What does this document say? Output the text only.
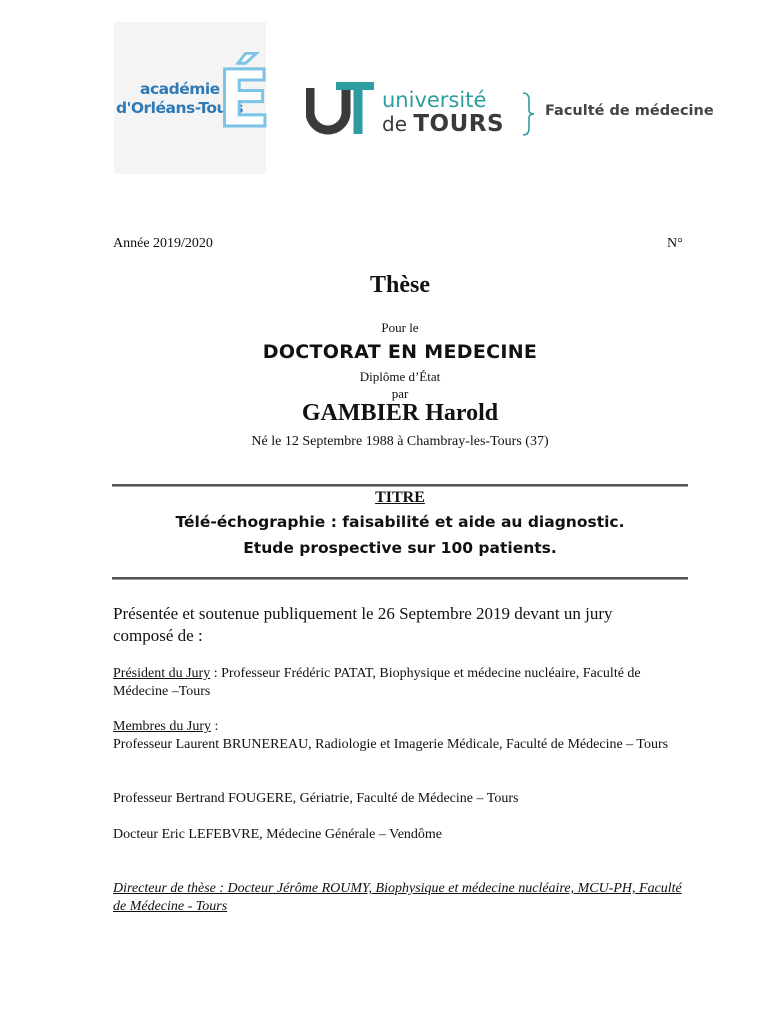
académie
d'Orléans-Tours
É	université
de TOURS	Faculté de médecine
Année 2019/2020	N°
Thèse
Pour le
DOCTORAT EN MEDECINE
Diplôme d’État
par
GAMBIER Harold
Né le 12 Septembre 1988 à Chambray-les-Tours (37)
TITRE
Télé-échographie : faisabilité et aide au diagnostic.
Etude prospective sur 100 patients.
Présentée et soutenue publiquement le 26 Septembre 2019 devant un jury composé de :
Président du Jury : Professeur Frédéric PATAT, Biophysique et médecine nucléaire, Faculté de Médecine –Tours
Membres du Jury :
Professeur Laurent BRUNEREAU, Radiologie et Imagerie Médicale, Faculté de Médecine – Tours
Professeur Bertrand FOUGERE, Gériatrie, Faculté de Médecine – Tours
Docteur Eric LEFEBVRE, Médecine Générale – Vendôme
Directeur de thèse : Docteur Jérôme ROUMY, Biophysique et médecine nucléaire, MCU-PH, Faculté de Médecine - Tours
